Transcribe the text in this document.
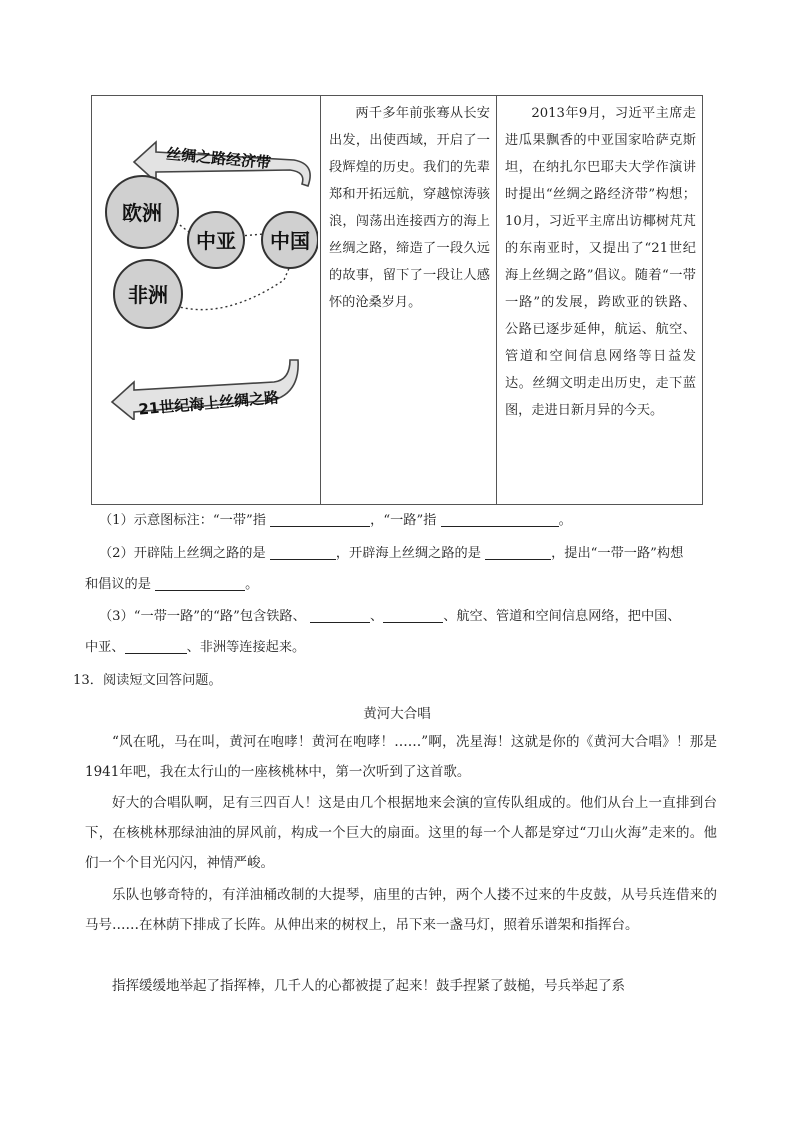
丝绸之路经济带
21世纪海上丝绸之路
欧洲
中亚 中国
非洲

两千多年前张骞从长安出发，出使西域，开启了一段辉煌的历史。我们的先辈郑和开拓远航，穿越惊涛骇浪，闯荡出连接西方的海上丝绸之路，缔造了一段久远的故事，留下了一段让人感怀的沧桑岁月。

2013年9月，习近平主席走进瓜果飘香的中亚国家哈萨克斯坦，在纳扎尔巴耶夫大学作演讲时提出“丝绸之路经济带”构想；10月，习近平主席出访椰树芃芃的东南亚时，又提出了“21世纪海上丝绸之路”倡议。随着“一带一路”的发展，跨欧亚的铁路、公路已逐步延伸，航运、航空、管道和空间信息网络等日益发达。丝绸文明走出历史，走下蓝图，走进日新月异的今天。
（1）示意图标注：“一带”指	，“一路”指	。
（2）开辟陆上丝绸之路的是	，开辟海上丝绸之路的是	，提出“一带一路”构想
和倡议的是	。
（3）“一带一路”的“路”包含铁路、	、	、航空、管道和空间信息网络，把中国、
中亚、	、非洲等连接起来。
13．阅读短文回答问题。
黄河大合唱
“风在吼，马在叫，黄河在咆哮！黄河在咆哮！……”啊，冼星海！这就是你的《黄河大合唱》！那是1941年吧，我在太行山的一座核桃林中，第一次听到了这首歌。
好大的合唱队啊，足有三四百人！这是由几个根据地来会演的宣传队组成的。他们从台上一直排到台下，在核桃林那绿油油的屏风前，构成一个巨大的扇面。这里的每一个人都是穿过“刀山火海”走来的。他们一个个目光闪闪，神情严峻。
乐队也够奇特的，有洋油桶改制的大提琴，庙里的古钟，两个人搂不过来的牛皮鼓，从号兵连借来的马号……在林荫下排成了长阵。从伸出来的树杈上，吊下来一盏马灯，照着乐谱架和指挥台。
指挥缓缓地举起了指挥棒，几千人的心都被提了起来！鼓手捏紧了鼓槌，号兵举起了系
